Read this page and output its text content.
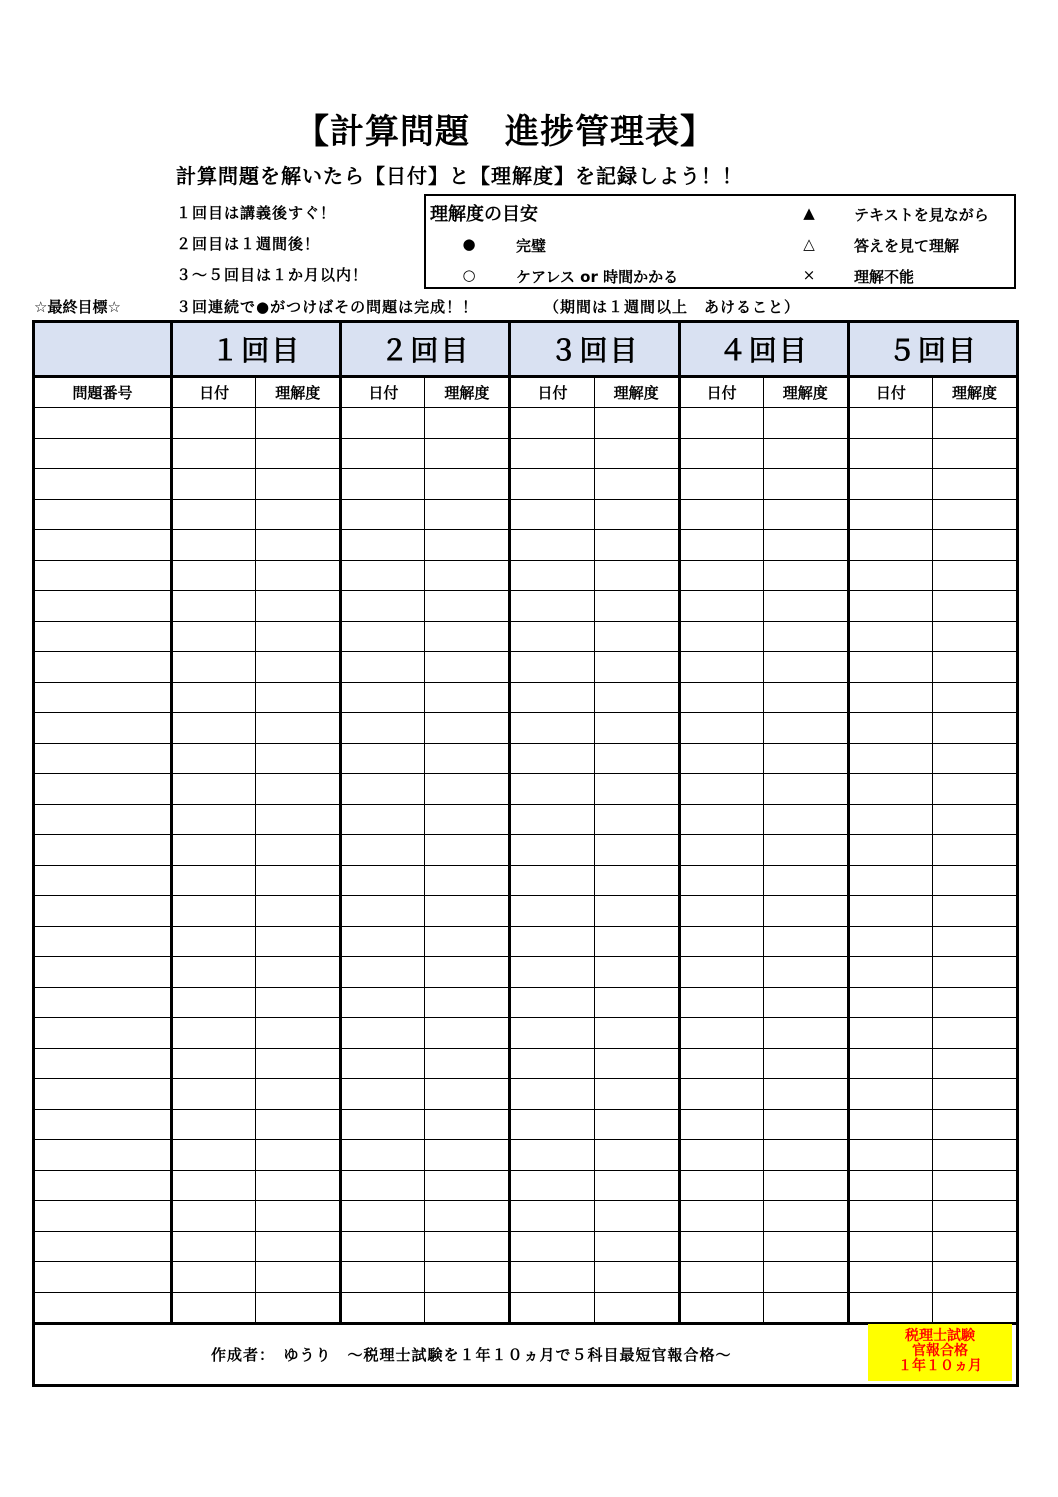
【計算問題　進捗管理表】
計算問題を解いたら【日付】と【理解度】を記録しよう！！
１回目は講義後すぐ！
２回目は１週間後！
３～５回目は１か月以内！
理解度の目安	▲	テキストを見ながら
●	完璧	△	答えを見て理解
○	ケアレス or 時間かかる	×	理解不能
☆最終目標☆	３回連続で●がつけばその問題は完成！！	（期間は１週間以上　あけること）
	１回目		２回目		３回目		４回目		５回目	
問題番号	日付	理解度	日付	理解度	日付	理解度	日付	理解度	日付	理解度

作成者：　ゆうり　～税理士試験を１年１０ヵ月で５科目最短官報合格～
税理士試験
官報合格
１年１０ヵ月
